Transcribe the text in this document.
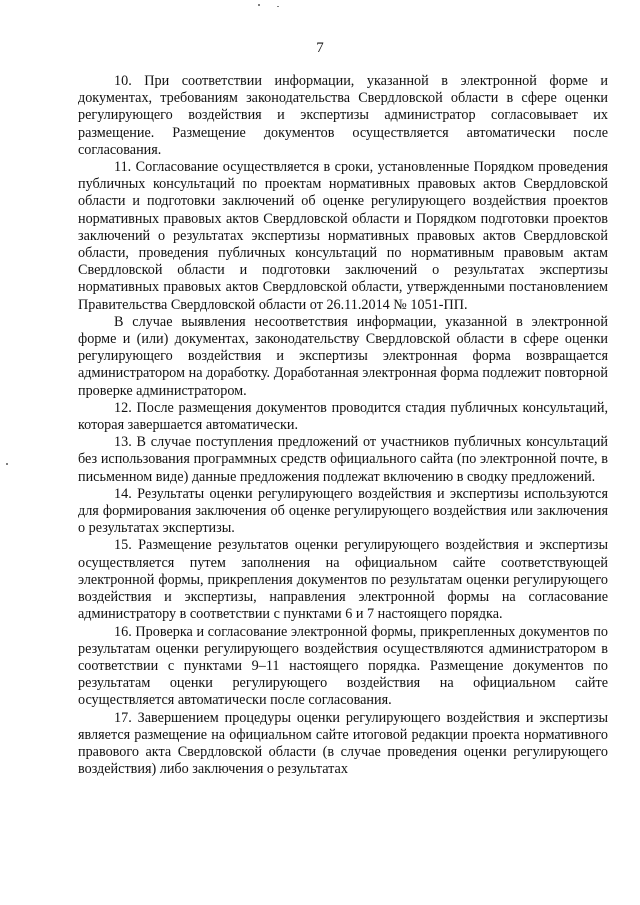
7

10. При соответствии информации, указанной в электронной форме и документах, требованиям законодательства Свердловской области в сфере оценки регулирующего воздействия и экспертизы администратор согласовывает их размещение. Размещение документов осуществляется автоматически после согласования.

11. Согласование осуществляется в сроки, установленные Порядком проведения публичных консультаций по проектам нормативных правовых актов Свердловской области и подготовки заключений об оценке регулирующего воздействия проектов нормативных правовых актов Свердловской области и Порядком подготовки проектов заключений о результатах экспертизы нормативных правовых актов Свердловской области, проведения публичных консультаций по нормативным правовым актам Свердловской области и подготовки заключений о результатах экспертизы нормативных правовых актов Свердловской области, утвержденными постановлением Правительства Свердловской области от 26.11.2014 № 1051-ПП.

В случае выявления несоответствия информации, указанной в электронной форме и (или) документах, законодательству Свердловской области в сфере оценки регулирующего воздействия и экспертизы электронная форма возвращается администратором на доработку. Доработанная электронная форма подлежит повторной проверке администратором.

12. После размещения документов проводится стадия публичных консультаций, которая завершается автоматически.

13. В случае поступления предложений от участников публичных консультаций без использования программных средств официального сайта (по электронной почте, в письменном виде) данные предложения подлежат включению в сводку предложений.

14. Результаты оценки регулирующего воздействия и экспертизы используются для формирования заключения об оценке регулирующего воздействия или заключения о результатах экспертизы.

15. Размещение результатов оценки регулирующего воздействия и экспертизы осуществляется путем заполнения на официальном сайте соответствующей электронной формы, прикрепления документов по результатам оценки регулирующего воздействия и экспертизы, направления электронной формы на согласование администратору в соответствии с пунктами 6 и 7 настоящего порядка.

16. Проверка и согласование электронной формы, прикрепленных документов по результатам оценки регулирующего воздействия осуществляются администратором в соответствии с пунктами 9–11 настоящего порядка. Размещение документов по результатам оценки регулирующего воздействия на официальном сайте осуществляется автоматически после согласования.

17. Завершением процедуры оценки регулирующего воздействия и экспертизы является размещение на официальном сайте итоговой редакции проекта нормативного правового акта Свердловской области (в случае проведения оценки регулирующего воздействия) либо заключения о результатах
